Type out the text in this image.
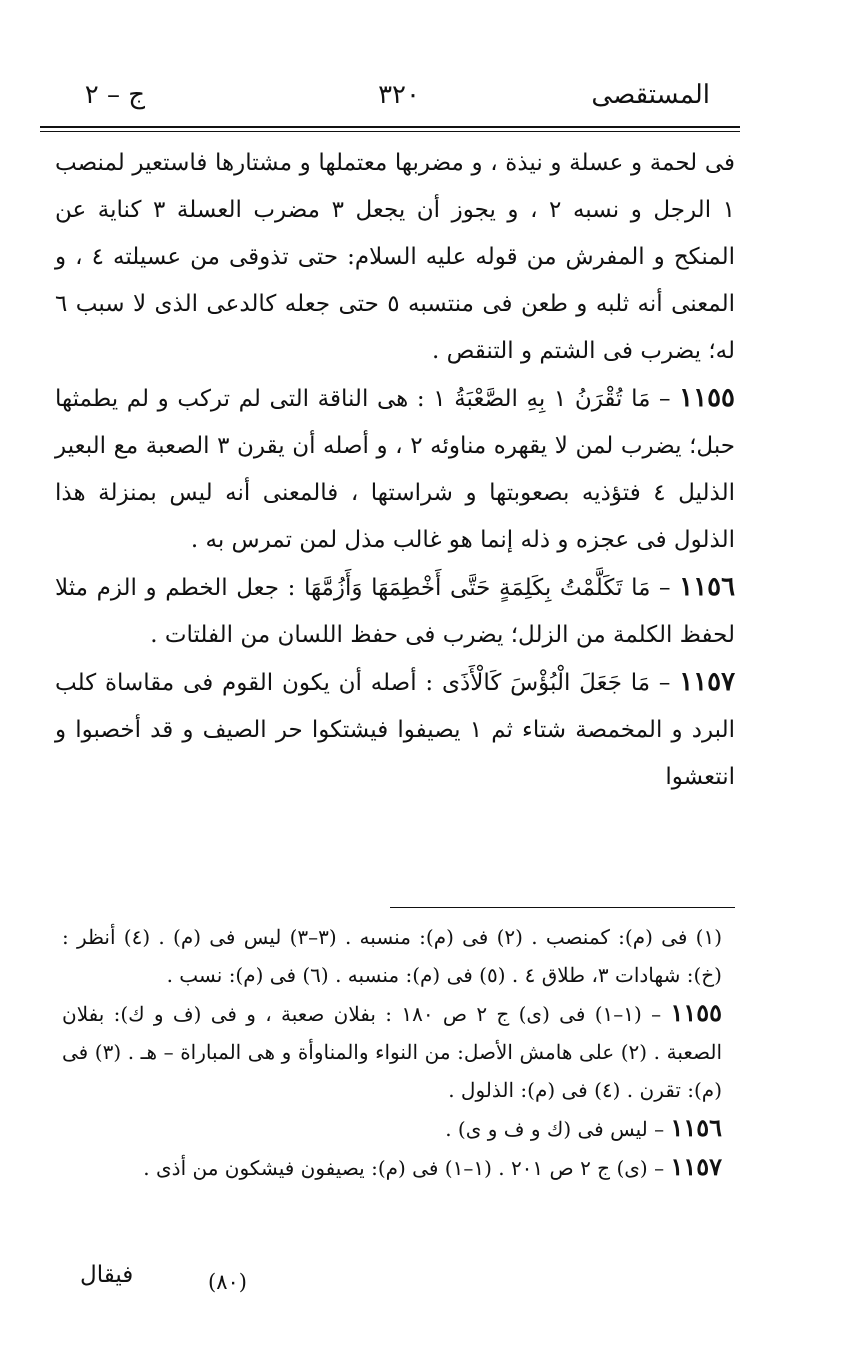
المستقصى
٣٢٠
ج – ٢

فى لحمة و عسلة و نيذة ، و مضربها معتملها و مشتارها فاستعير لمنصب ١ الرجل و نسبه ٢ ، و يجوز أن يجعل ٣ مضرب العسلة ٣ كناية عن المنكح و المفرش من قوله عليه السلام: حتى تذوقى من عسيلته ٤ ، و المعنى أنه ثلبه و طعن فى منتسبه ٥ حتى جعله كالدعى الذى لا سبب ٦ له؛ يضرب فى الشتم و التنقص .

١١٥٥ – مَا تُقْرَنُ ١ بِهِ الصَّعْبَةُ ١ : هى الناقة التى لم تركب و لم يطمثها حبل؛ يضرب لمن لا يقهره مناوئه ٢ ، و أصله أن يقرن ٣ الصعبة مع البعير الذليل ٤ فتؤذيه بصعوبتها و شراستها ، فالمعنى أنه ليس بمنزلة هذا الذلول فى عجزه و ذله إنما هو غالب مذل لمن تمرس به .

١١٥٦ – مَا تَكَلَّمْتُ بِكَلِمَةٍ حَتَّى أَخْطِمَهَا وَأَزُمَّهَا : جعل الخطم و الزم مثلا لحفظ الكلمة من الزلل؛ يضرب فى حفظ اللسان من الفلتات .

١١٥٧ – مَا جَعَلَ الْبُؤْسَ كَالْأَذَى : أصله أن يكون القوم فى مقاساة كلب البرد و المخمصة شتاء ثم ١ يصيفوا فيشتكوا حر الصيف و قد أخصبوا و انتعشوا

(١) فى (م): كمنصب . (٢) فى (م): منسبه . (٣–٣) ليس فى (م) . (٤) أنظر : (خ): شهادات ٣، طلاق ٤ . (٥) فى (م): منسبه . (٦) فى (م): نسب .

١١٥٥ – (١–١) فى (ى) ج ٢ ص ١٨٠ : بفلان صعبة ، و فى (ف و ك): بفلان الصعبة . (٢) على هامش الأصل: من النواء والمناوأة و هى المباراة – هـ . (٣) فى (م): تقرن . (٤) فى (م): الذلول .

١١٥٦ – ليس فى (ك و ف و ى) .

١١٥٧ – (ى) ج ٢ ص ٢٠١ . (١–١) فى (م): يصيفون فيشكون من أذى .

(٨٠)
فيقال
